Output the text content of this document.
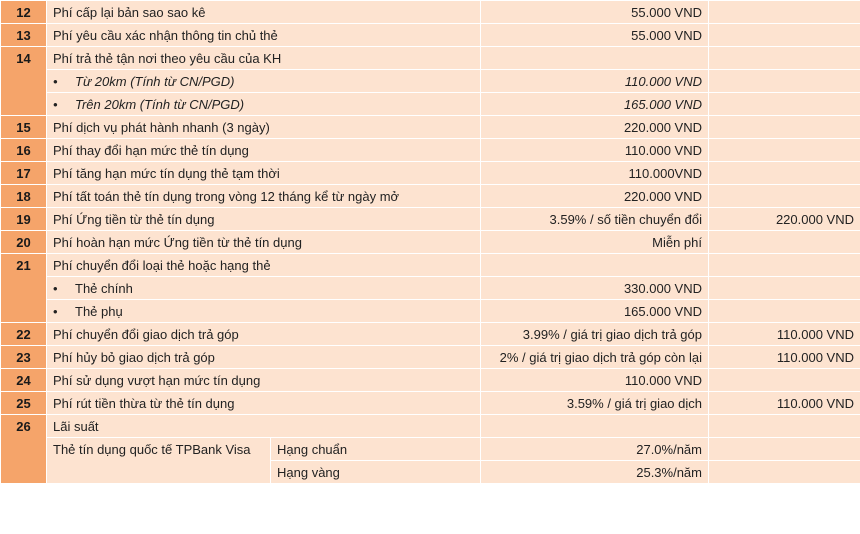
12	Phí cấp lại bản sao sao kê		55.000 VND	
13	Phí yêu cầu xác nhận thông tin chủ thẻ		55.000 VND	
14	Phí trả thẻ tận nơi theo yêu cầu của KH			
	• Từ 20km (Tính từ CN/PGD)		110.000 VND	
	• Trên 20km (Tính từ CN/PGD)		165.000 VND	
15	Phí dịch vụ phát hành nhanh (3 ngày)		220.000 VND	
16	Phí thay đổi hạn mức thẻ tín dụng		110.000 VND	
17	Phí tăng hạn mức tín dụng thẻ tạm thời		110.000VND	
18	Phí tất toán thẻ tín dụng trong vòng 12 tháng kể từ ngày mở		220.000 VND	
19	Phí Ứng tiền từ thẻ tín dụng		3.59% / số tiền chuyển đổi	220.000 VND
20	Phí hoàn hạn mức Ứng tiền từ thẻ tín dụng		Miễn phí	
21	Phí chuyển đổi loại thẻ hoặc hạng thẻ			
	• Thẻ chính		330.000 VND	
	• Thẻ phụ		165.000 VND	
22	Phí chuyển đổi giao dịch trả góp		3.99% / giá trị giao dịch trả góp	110.000 VND
23	Phí hủy bỏ giao dịch trả góp		2% / giá trị giao dịch trả góp còn lại	110.000 VND
24	Phí sử dụng vượt hạn mức tín dụng		110.000 VND	
25	Phí rút tiền thừa từ thẻ tín dụng		3.59% / giá trị giao dịch	110.000 VND
26	Lãi suất			
	Thẻ tín dụng quốc tế TPBank Visa	Hạng chuẩn	27.0%/năm	
		Hạng vàng	25.3%/năm	
